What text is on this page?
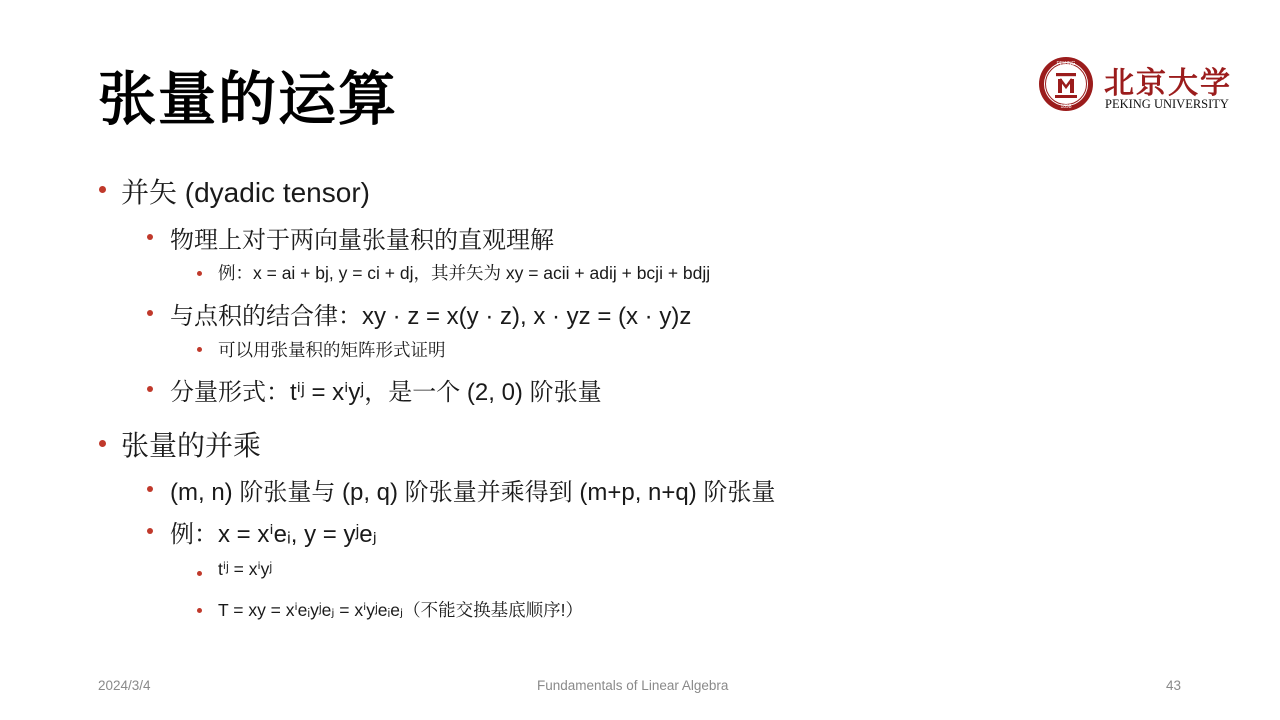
张量的运算
PEKING
1898
北京大学
PEKING UNIVERSITY
并矢 (dyadic tensor)
物理上对于两向量张量积的直观理解
例：x = ai + bj, y = ci + dj，其并矢为 xy = acii + adij + bcji + bdjj
与点积的结合律：xy · z = x(y · z), x · yz = (x · y)z
可以用张量积的矩阵形式证明
分量形式：tⁱʲ = xⁱyʲ，是一个 (2, 0) 阶张量
张量的并乘
(m, n) 阶张量与 (p, q) 阶张量并乘得到 (m+p, n+q) 阶张量
例：x = xⁱeᵢ, y = yʲeⱼ
tⁱʲ = xⁱyʲ
T = xy = xⁱeᵢyʲeⱼ = xⁱyʲeᵢeⱼ（不能交换基底顺序!）
2024/3/4	Fundamentals of Linear Algebra	43
